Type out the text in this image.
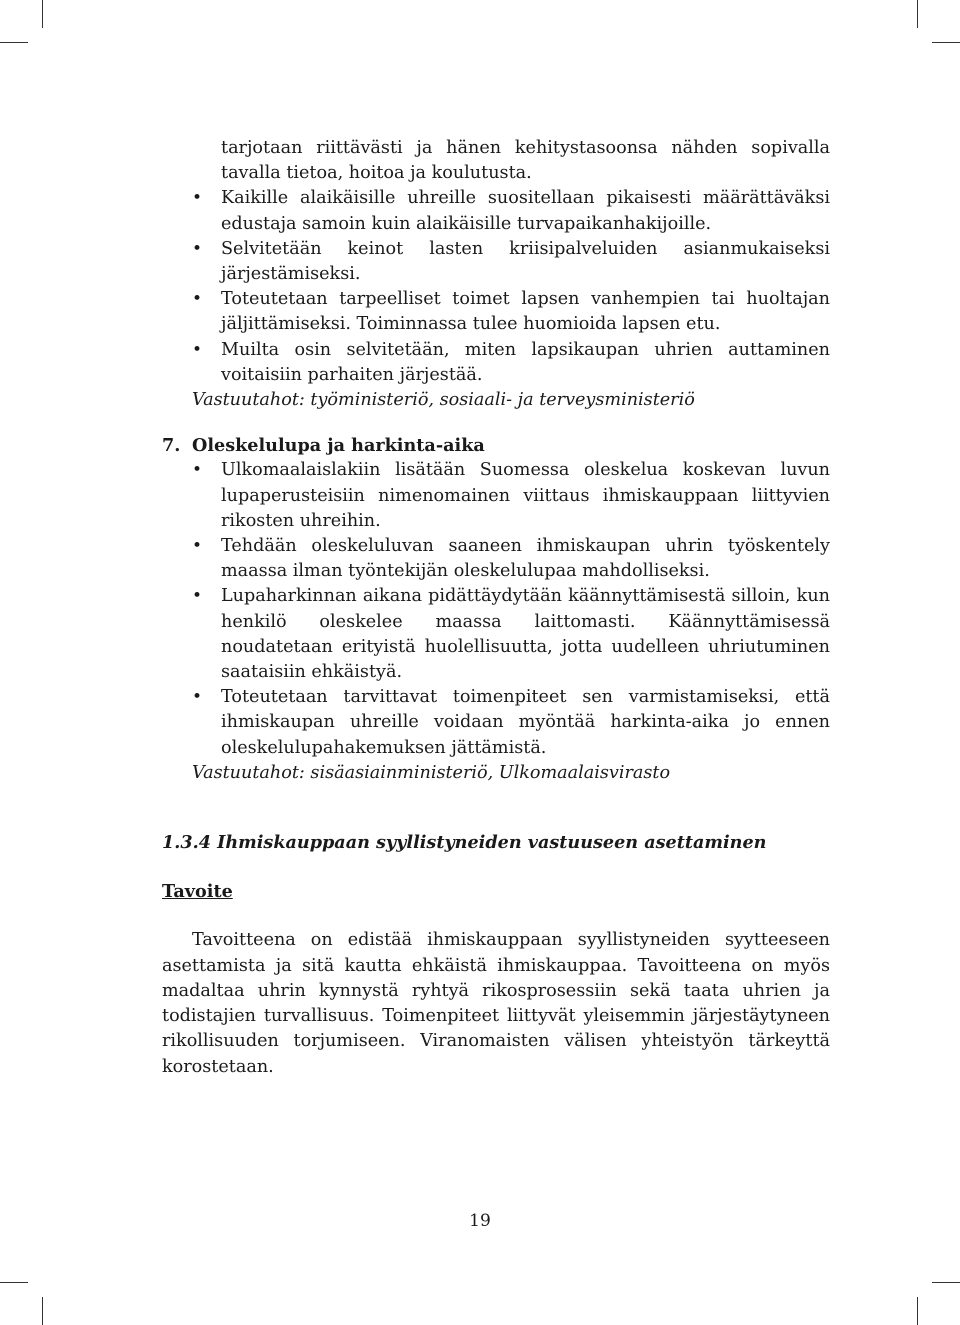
tarjotaan riittävästi ja hänen kehitystasoonsa nähden sopivalla tavalla tietoa, hoitoa ja koulutusta.

• Kaikille alaikäisille uhreille suositellaan pikaisesti määrättäväksi edustaja samoin kuin alaikäisille turvapaikanhakijoille.
• Selvitetään keinot lasten kriisipalveluiden asianmukaiseksi järjestämiseksi.
• Toteutetaan tarpeelliset toimet lapsen vanhempien tai huoltajan jäljittämiseksi. Toiminnassa tulee huomioida lapsen etu.
• Muilta osin selvitetään, miten lapsikaupan uhrien auttaminen voitaisiin parhaiten järjestää.

Vastuutahot: työministeriö, sosiaali- ja terveysministeriö

7. Oleskelulupa ja harkinta-aika
• Ulkomaalaislakiin lisätään Suomessa oleskelua koskevan luvun lupaperusteisiin nimenomainen viittaus ihmiskauppaan liittyvien rikosten uhreihin.
• Tehdään oleskeluluvan saaneen ihmiskaupan uhrin työskentely maassa ilman työntekijän oleskelulupaa mahdolliseksi.
• Lupaharkinnan aikana pidättäydytään käännyttämisestä silloin, kun henkilö oleskelee maassa laittomasti. Käännyttämisessä noudatetaan erityistä huolellisuutta, jotta uudelleen uhriutuminen saataisiin ehkäistyä.
• Toteutetaan tarvittavat toimenpiteet sen varmistamiseksi, että ihmiskaupan uhreille voidaan myöntää harkinta-aika jo ennen oleskelulupahakemuksen jättämistä.

Vastuutahot: sisäasiainministeriö, Ulkomaalaisvirasto

1.3.4 Ihmiskauppaan syyllistyneiden vastuuseen asettaminen
Tavoite

Tavoitteena on edistää ihmiskauppaan syyllistyneiden syytteeseen asettamista ja sitä kautta ehkäistä ihmiskauppaa. Tavoitteena on myös madaltaa uhrin kynnystä ryhtyä rikosprosessiin sekä taata uhrien ja todistajien turvallisuus. Toimenpiteet liittyvät yleisemmin järjestäytyneen rikollisuuden torjumiseen. Viranomaisten välisen yhteistyön tärkeyttä korostetaan.

19
